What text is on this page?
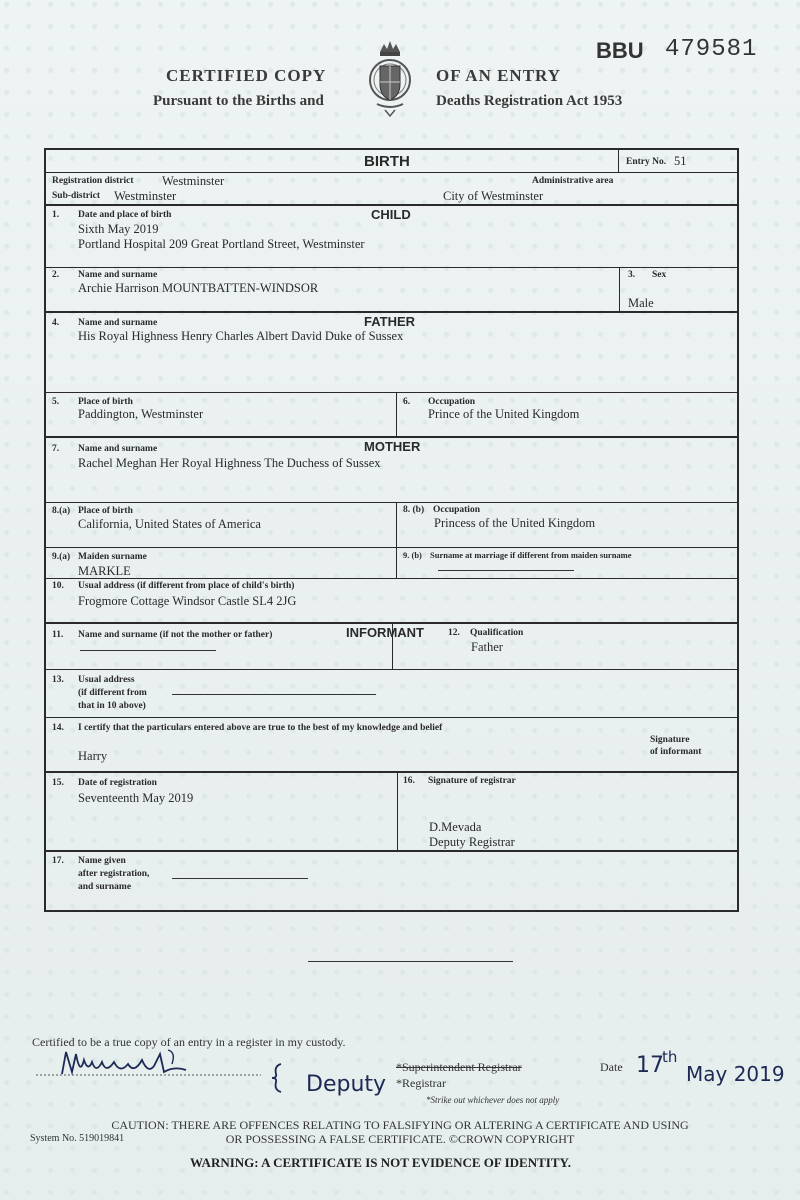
CERTIFIED COPY	OF AN ENTRY
Pursuant to the Births and	Deaths Registration Act 1953
BBU 479581
BIRTH	Entry No. 51
Registration district Westminster	Administrative area
Sub-district Westminster	City of Westminster
CHILD
1. Date and place of birth
Sixth May 2019
Portland Hospital 209 Great Portland Street, Westminster
2. Name and surname
Archie Harrison MOUNTBATTEN-WINDSOR
3. Sex
Male
FATHER
4. Name and surname
His Royal Highness Henry Charles Albert David Duke of Sussex
5. Place of birth
Paddington, Westminster
6. Occupation
Prince of the United Kingdom
MOTHER
7. Name and surname
Rachel Meghan Her Royal Highness The Duchess of Sussex
8.(a) Place of birth
California, United States of America
8. (b) Occupation
Princess of the United Kingdom
9.(a) Maiden surname
MARKLE
9. (b) Surname at marriage if different from maiden surname
10. Usual address (if different from place of child's birth)
Frogmore Cottage Windsor Castle SL4 2JG
INFORMANT
11. Name and surname (if not the mother or father)	12. Qualification
Father
13. Usual address
(if different from
that in 10 above)
14. I certify that the particulars entered above are true to the best of my knowledge and belief
Signature
of informant
Harry
15. Date of registration
Seventeenth May 2019
16. Signature of registrar
D.Mevada
Deputy Registrar
17. Name given
after registration,
and surname
Certified to be a true copy of an entry in a register in my custody.
Deputy
*Superintendent Registrar
*Registrar
*Strike out whichever does not apply
Date 17
th
May 2019
System No. 519019841
CAUTION: THERE ARE OFFENCES RELATING TO FALSIFYING OR ALTERING A CERTIFICATE AND USING
OR POSSESSING A FALSE CERTIFICATE. ©CROWN COPYRIGHT
WARNING: A CERTIFICATE IS NOT EVIDENCE OF IDENTITY.
